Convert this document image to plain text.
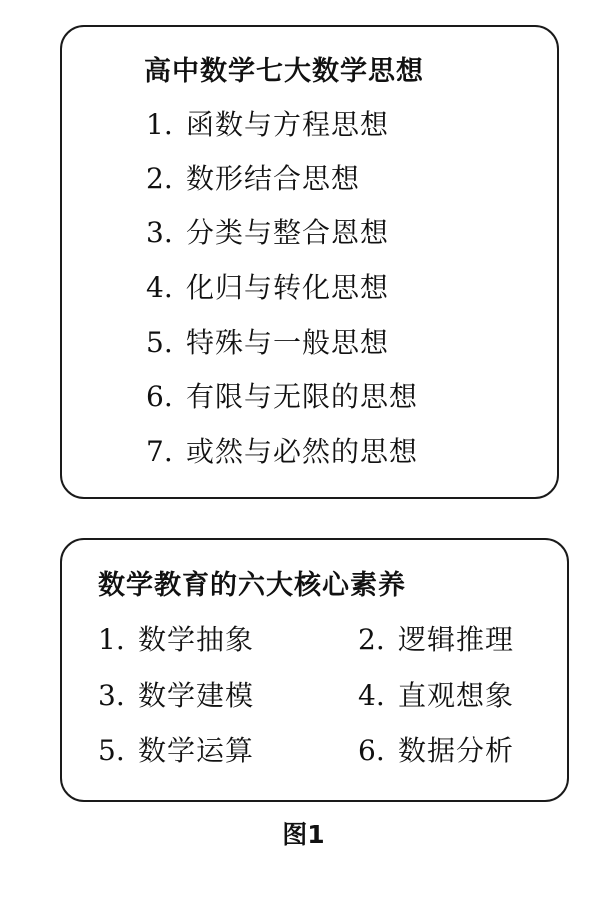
高中数学七大数学思想
1. 函数与方程思想
2. 数形结合思想
3. 分类与整合恩想
4. 化归与转化思想
5. 特殊与一般思想
6. 有限与无限的思想
7. 或然与必然的思想
数学教育的六大核心素养
1. 数学抽象	2. 逻辑推理
3. 数学建模	4. 直观想象
5. 数学运算	6. 数据分析
图1
